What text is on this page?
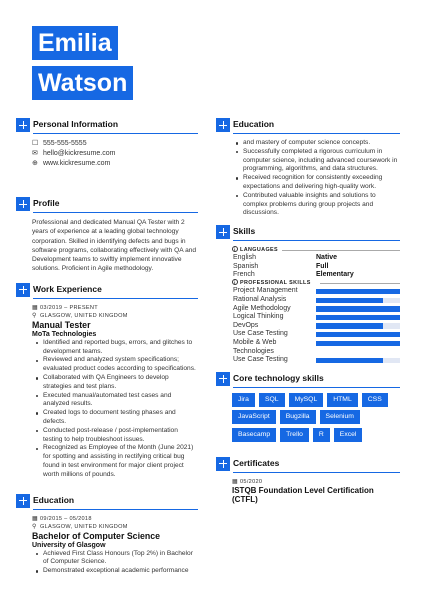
Emilia
Watson
Personal Information
☐ 555-555-5555
✉ hello@kickresume.com
⊕ www.kickresume.com
Profile
Professional and dedicated Manual QA Tester with 2 years of experience at a leading global technology corporation. Skilled in identifying defects and bugs in software programs, collaborating effectively with QA and Development teams to swiftly implement innovative solutions. Proficient in Agile methodology.
Work Experience
▦ 03/2019 – PRESENT
⚲ GLASGOW, UNITED KINGDOM
Manual Tester
MoTa Technologies
Identified and reported bugs, errors, and glitches to development teams.
Reviewed and analyzed system specifications; evaluated product codes according to specifications.
Collaborated with QA Engineers to develop strategies and test plans.
Executed manual/automated test cases and analyzed results.
Created logs to document testing phases and defects.
Conducted post-release / post-implementation testing to help troubleshoot issues.
Recognized as Employee of the Month (June 2021) for spotting and assisting in rectifying critical bug found in test environment for major client project worth millions of pounds.
Education
▦ 09/2015 – 05/2018
⚲ GLASGOW, UNITED KINGDOM
Bachelor of Computer Science
University of Glasgow
Achieved First Class Honours (Top 2%) in Bachelor of Computer Science.
Demonstrated exceptional academic performance
Education
and mastery of computer science concepts.
Successfully completed a rigorous curriculum in computer science, including advanced coursework in programming, algorithms, and data structures.
Received recognition for consistently exceeding expectations and delivering high-quality work.
Contributed valuable insights and solutions to complex problems during group projects and discussions.
Skills
i LANGUAGES
English	Native
Spanish	Full
French	Elementary
i PROFESSIONAL SKILLS
Project Management
Rational Analysis
Agile Methodology
Logical Thinking
DevOps
Use Case Testing
Mobile & Web Technologies
Use Case Testing
Core technology skills
Jira	SQL	MySQL	HTML	CSS
JavaScript	Bugzilla	Selenium
Basecamp	Trello	R	Excel
Certificates
▦ 05/2020
ISTQB Foundation Level Certification (CTFL)
